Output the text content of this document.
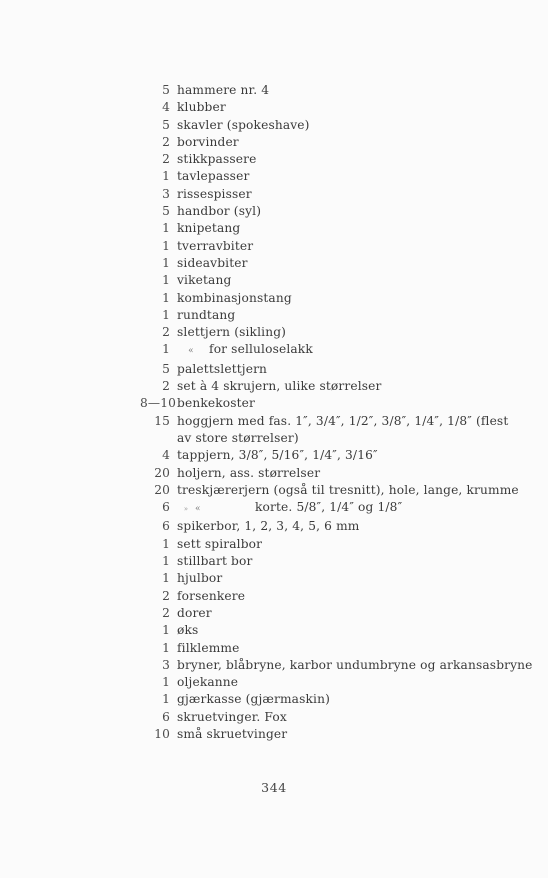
5 hammere nr. 4
4 klubber
5 skavler (spokeshave)
2 borvinder
2 stikkpassere
1 tavlepasser
3 rissespisser
5 handbor (syl)
1 knipetang
1 tverravbiter
1 sideavbiter
1 viketang
1 kombinasjonstang
1 rundtang
2 slettjern (sikling)
1	« for selluloselakk
5 palettslettjern
2 set à 4 skrujern, ulike størrelser
8—10 benkekoster
15 hoggjern med fas. 1″, 3/4″, 1/2″, 3/8″, 1/4″, 1/8″ (flest
av store størrelser)
4 tappjern, 3/8″, 5/16″, 1/4″, 3/16″
20 holjern, ass. størrelser
20 treskjærerjern (også til tresnitt), hole, lange, krumme
6	» «	korte. 5/8″, 1/4″ og 1/8″
6 spikerbor, 1, 2, 3, 4, 5, 6 mm
1 sett spiralbor
1 stillbart bor
1 hjulbor
2 forsenkere
2 dorer
1 øks
1 filklemme
3 bryner, blåbryne, karbor undumbryne og arkansasbryne
1 oljekanne
1 gjærkasse (gjærmaskin)
6 skruetvinger. Fox
10 små skruetvinger
344
